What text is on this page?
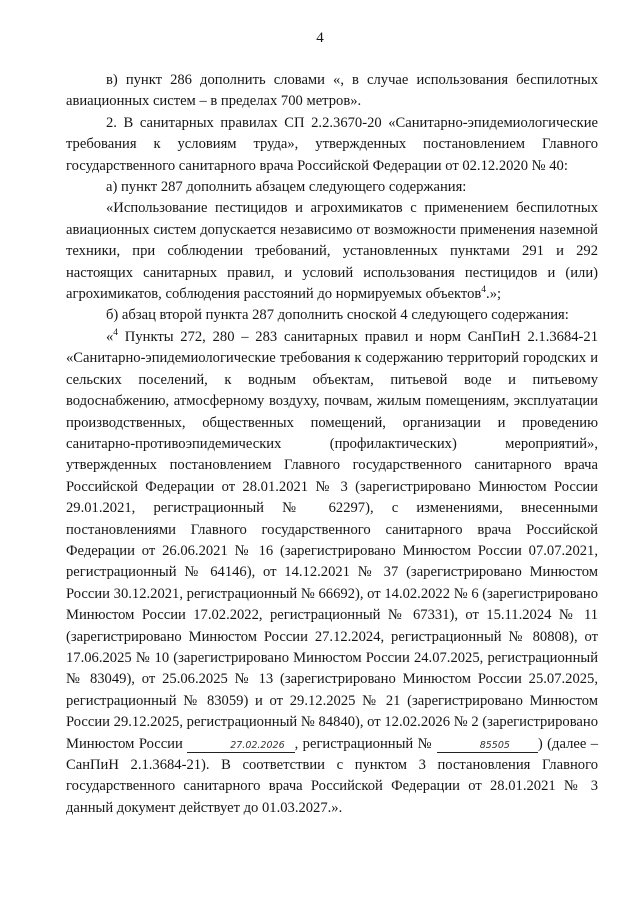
4

в) пункт 286 дополнить словами «, в случае использования беспилотных авиационных систем – в пределах 700 метров».

2. В санитарных правилах СП 2.2.3670-20 «Санитарно-эпидемиологические требования к условиям труда», утвержденных постановлением Главного государственного санитарного врача Российской Федерации от 02.12.2020 № 40:

а) пункт 287 дополнить абзацем следующего содержания:

«Использование пестицидов и агрохимикатов с применением беспилотных авиационных систем допускается независимо от возможности применения наземной техники, при соблюдении требований, установленных пунктами 291 и 292 настоящих санитарных правил, и условий использования пестицидов и (или) агрохимикатов, соблюдения расстояний до нормируемых объектов$^4$.»;

б) абзац второй пункта 287 дополнить сноской 4 следующего содержания:

«$^4$ Пункты 272, 280 – 283 санитарных правил и норм СанПиН 2.1.3684-21 «Санитарно-эпидемиологические требования к содержанию территорий городских и сельских поселений, к водным объектам, питьевой воде и питьевому водоснабжению, атмосферному воздуху, почвам, жилым помещениям, эксплуатации производственных, общественных помещений, организации и проведению санитарно-противоэпидемических (профилактических) мероприятий», утвержденных постановлением Главного государственного санитарного врача Российской Федерации от 28.01.2021 № 3 (зарегистрировано Минюстом России 29.01.2021, регистрационный № 62297), с изменениями, внесенными постановлениями Главного государственного санитарного врача Российской Федерации от 26.06.2021 № 16 (зарегистрировано Минюстом России 07.07.2021, регистрационный № 64146), от 14.12.2021 № 37 (зарегистрировано Минюстом России 30.12.2021, регистрационный № 66692), от 14.02.2022 № 6 (зарегистрировано Минюстом России 17.02.2022, регистрационный № 67331), от 15.11.2024 № 11 (зарегистрировано Минюстом России 27.12.2024, регистрационный № 80808), от 17.06.2025 № 10 (зарегистрировано Минюстом России 24.07.2025, регистрационный № 83049), от 25.06.2025 № 13 (зарегистрировано Минюстом России 25.07.2025, регистрационный № 83059) и от 29.12.2025 № 21 (зарегистрировано Минюстом России 29.12.2025, регистрационный № 84840), от 12.02.2026 № 2 (зарегистрировано Минюстом России	27.02.2026 , регистрационный №	85505 ) (далее – СанПиН 2.1.3684-21). В соответствии с пунктом 3 постановления Главного государственного санитарного врача Российской Федерации от 28.01.2021 № 3 данный документ действует до 01.03.2027.».
